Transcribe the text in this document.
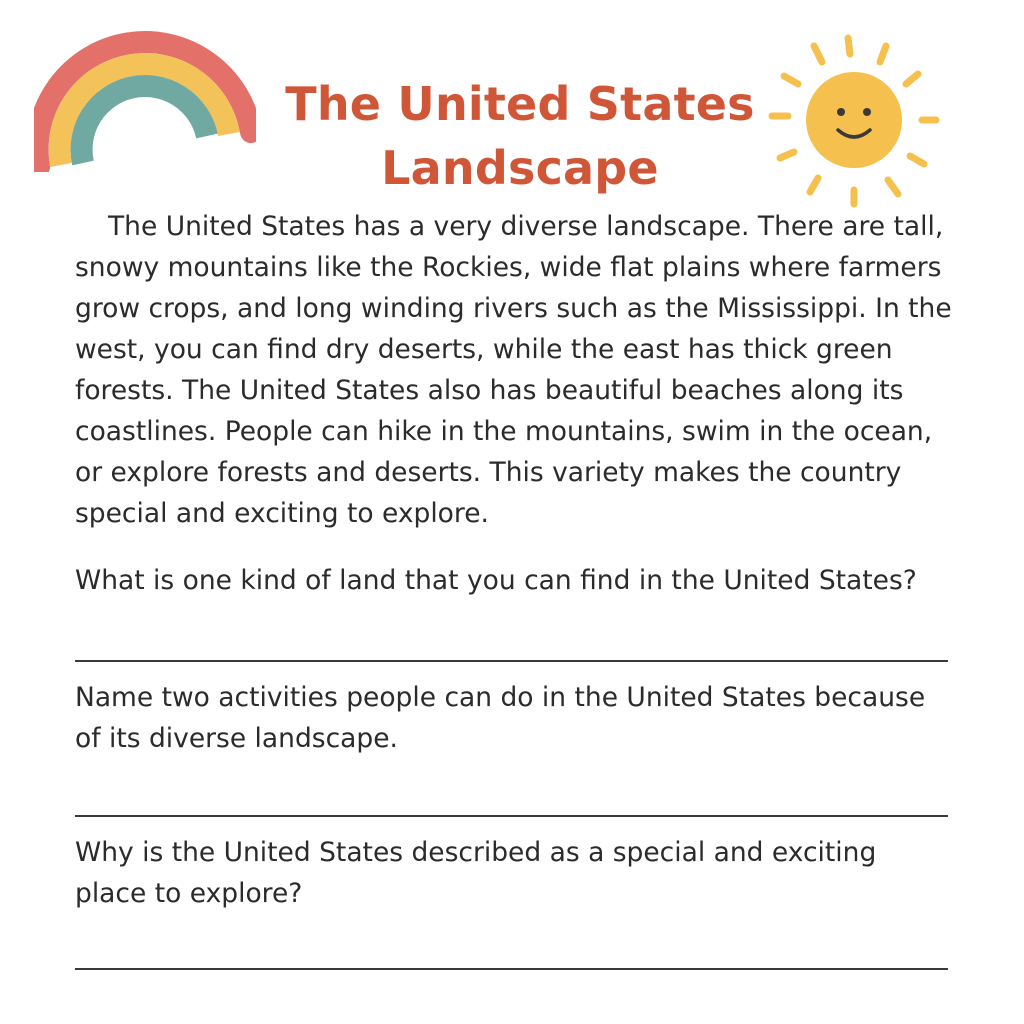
The United States
Landscape

The United States has a very diverse landscape. There are tall, snowy mountains like the Rockies, wide flat plains where farmers grow crops, and long winding rivers such as the Mississippi. In the west, you can find dry deserts, while the east has thick green forests. The United States also has beautiful beaches along its coastlines. People can hike in the mountains, swim in the ocean, or explore forests and deserts. This variety makes the country special and exciting to explore.

What is one kind of land that you can find in the United States?

Name two activities people can do in the United States because of its diverse landscape.

Why is the United States described as a special and exciting place to explore?
